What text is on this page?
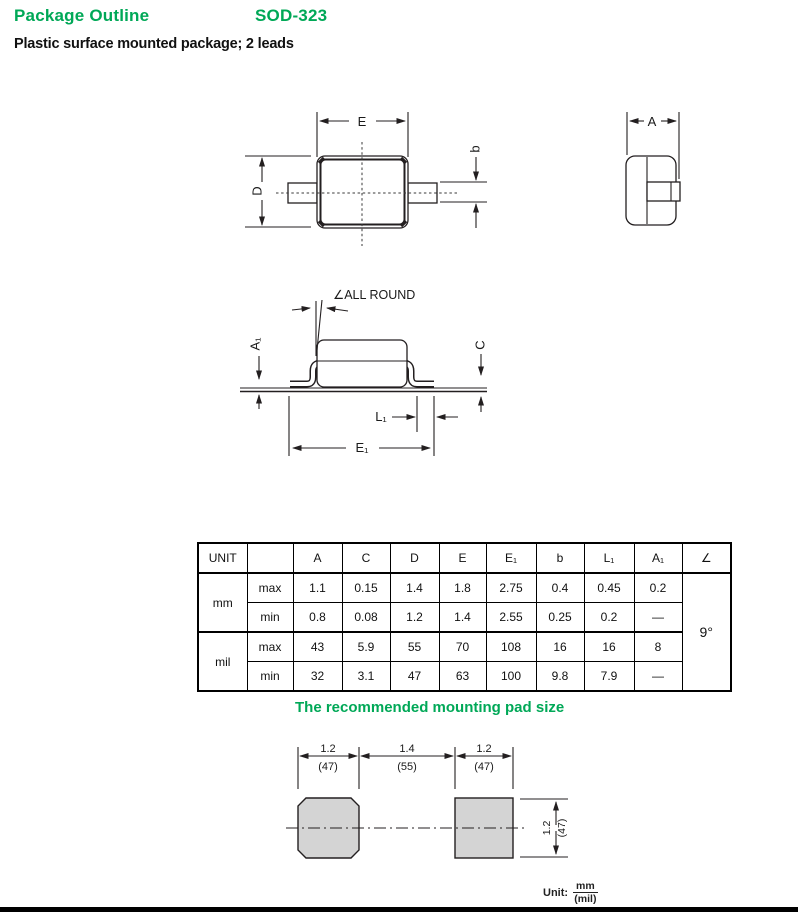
Package Outline	SOD-323
Plastic surface mounted package; 2 leads
E
D
b
A
∠ALL ROUND
A₁	C
L₁
E₁
1.2
(47)
1.4
(55)
1.2
(47)
1.2 (47)
UNIT		A	C	D	E	E₁	b	L₁	A₁	∠
mm	max	1.1	0.15	1.4	1.8	2.75	0.4	0.45	0.2	9°
	min	0.8	0.08	1.2	1.4	2.55	0.25	0.2	—	
mil	max	43	5.9	55	70	108	16	16	8	
	min	32	3.1	47	63	100	9.8	7.9	—	
The recommended mounting pad size
Unit: $\frac{mm}{\text{(mil)}}$
